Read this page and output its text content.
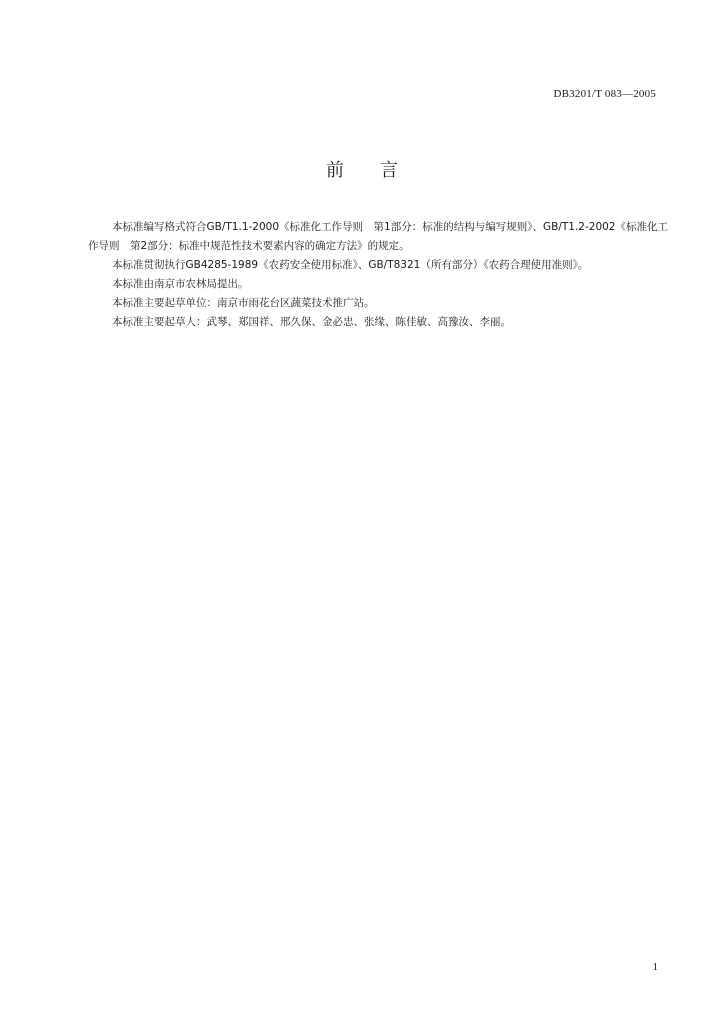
DB3201/T 083—2005
前言

本标准编写格式符合GB/T1.1-2000《标准化工作导则　第1部分：标准的结构与编写规则》、GB/T1.2-2002《标准化工作导则　第2部分：标准中规范性技术要素内容的确定方法》的规定。

本标准贯彻执行GB4285-1989《农药安全使用标准》、GB/T8321（所有部分）《农药合理使用准则》。

本标准由南京市农林局提出。

本标准主要起草单位：南京市雨花台区蔬菜技术推广站。

本标准主要起草人：武琴、郑国祥、邢久保、金必忠、张缘、陈佳敏、高豫汝、李丽。

1
